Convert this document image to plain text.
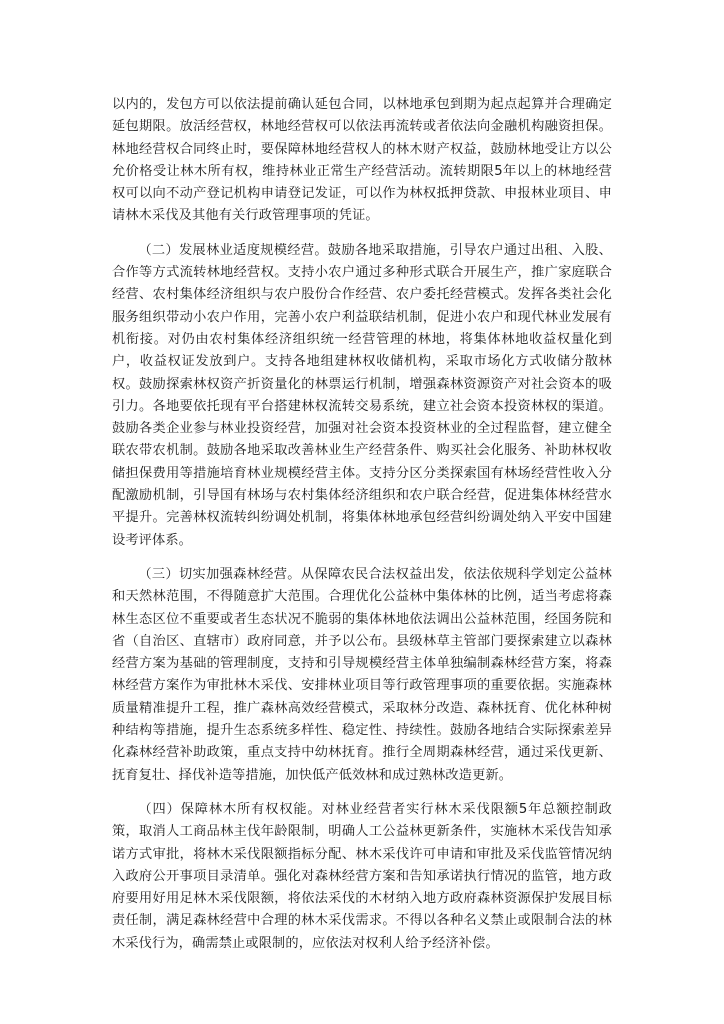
以内的，发包方可以依法提前确认延包合同，以林地承包到期为起点起算并合理确定延包期限。放活经营权，林地经营权可以依法再流转或者依法向金融机构融资担保。林地经营权合同终止时，要保障林地经营权人的林木财产权益，鼓励林地受让方以公允价格受让林木所有权，维持林业正常生产经营活动。流转期限5年以上的林地经营权可以向不动产登记机构申请登记发证，可以作为林权抵押贷款、申报林业项目、申请林木采伐及其他有关行政管理事项的凭证。

（二）发展林业适度规模经营。鼓励各地采取措施，引导农户通过出租、入股、合作等方式流转林地经营权。支持小农户通过多种形式联合开展生产，推广家庭联合经营、农村集体经济组织与农户股份合作经营、农户委托经营模式。发挥各类社会化服务组织带动小农户作用，完善小农户利益联结机制，促进小农户和现代林业发展有机衔接。对仍由农村集体经济组织统一经营管理的林地，将集体林地收益权量化到户，收益权证发放到户。支持各地组建林权收储机构，采取市场化方式收储分散林权。鼓励探索林权资产折资量化的林票运行机制，增强森林资源资产对社会资本的吸引力。各地要依托现有平台搭建林权流转交易系统，建立社会资本投资林权的渠道。鼓励各类企业参与林业投资经营，加强对社会资本投资林业的全过程监督，建立健全联农带农机制。鼓励各地采取改善林业生产经营条件、购买社会化服务、补助林权收储担保费用等措施培育林业规模经营主体。支持分区分类探索国有林场经营性收入分配激励机制，引导国有林场与农村集体经济组织和农户联合经营，促进集体林经营水平提升。完善林权流转纠纷调处机制，将集体林地承包经营纠纷调处纳入平安中国建设考评体系。

（三）切实加强森林经营。从保障农民合法权益出发，依法依规科学划定公益林和天然林范围，不得随意扩大范围。合理优化公益林中集体林的比例，适当考虑将森林生态区位不重要或者生态状况不脆弱的集体林地依法调出公益林范围，经国务院和省（自治区、直辖市）政府同意，并予以公布。县级林草主管部门要探索建立以森林经营方案为基础的管理制度，支持和引导规模经营主体单独编制森林经营方案，将森林经营方案作为审批林木采伐、安排林业项目等行政管理事项的重要依据。实施森林质量精准提升工程，推广森林高效经营模式，采取林分改造、森林抚育、优化林种树种结构等措施，提升生态系统多样性、稳定性、持续性。鼓励各地结合实际探索差异化森林经营补助政策，重点支持中幼林抚育。推行全周期森林经营，通过采伐更新、抚育复壮、择伐补造等措施，加快低产低效林和成过熟林改造更新。

（四）保障林木所有权权能。对林业经营者实行林木采伐限额5年总额控制政策，取消人工商品林主伐年龄限制，明确人工公益林更新条件，实施林木采伐告知承诺方式审批，将林木采伐限额指标分配、林木采伐许可申请和审批及采伐监管情况纳入政府公开事项目录清单。强化对森林经营方案和告知承诺执行情况的监管，地方政府要用好用足林木采伐限额，将依法采伐的木材纳入地方政府森林资源保护发展目标责任制，满足森林经营中合理的林木采伐需求。不得以各种名义禁止或限制合法的林木采伐行为，确需禁止或限制的，应依法对权利人给予经济补偿。
